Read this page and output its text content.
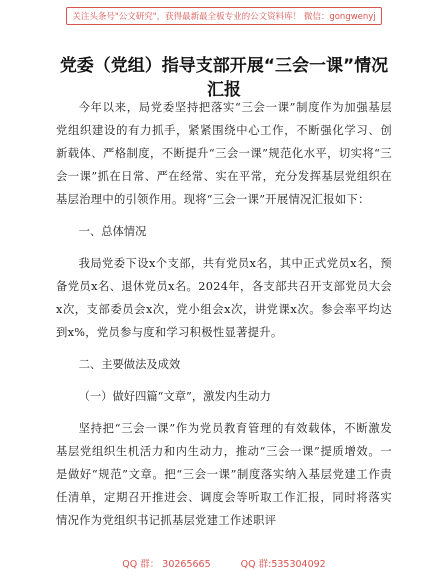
关注头条号"公文研究"，获得最新最全板专业的公文资料库！ 微信：gongwenyj
党委（党组）指导支部开展“三会一课”情况
汇报

今年以来，局党委坚持把落实“三会一课”制度作为加强基层党组织建设的有力抓手，紧紧围绕中心工作，不断强化学习、创新载体、严格制度，不断提升“三会一课”规范化水平，切实将“三会一课”抓在日常、严在经常、实在平常，充分发挥基层党组织在基层治理中的引领作用。现将“三会一课”开展情况汇报如下：

一、总体情况

我局党委下设x个支部，共有党员x名，其中正式党员x名，预备党员x名、退休党员x名。2024年，各支部共召开支部党员大会x次，支部委员会x次，党小组会x次，讲党课x次。参会率平均达到x%，党员参与度和学习积极性显著提升。

二、主要做法及成效

（一）做好四篇“文章”，激发内生动力

坚持把“三会一课”作为党员教育管理的有效载体，不断激发基层党组织生机活力和内生动力，推动“三会一课”提质增效。一是做好“规范”文章。把“三会一课”制度落实纳入基层党建工作责任清单，定期召开推进会、调度会等听取工作汇报，同时将落实情况作为党组织书记抓基层党建工作述职评

QQ 群： 30265665	QQ 群:535304092
